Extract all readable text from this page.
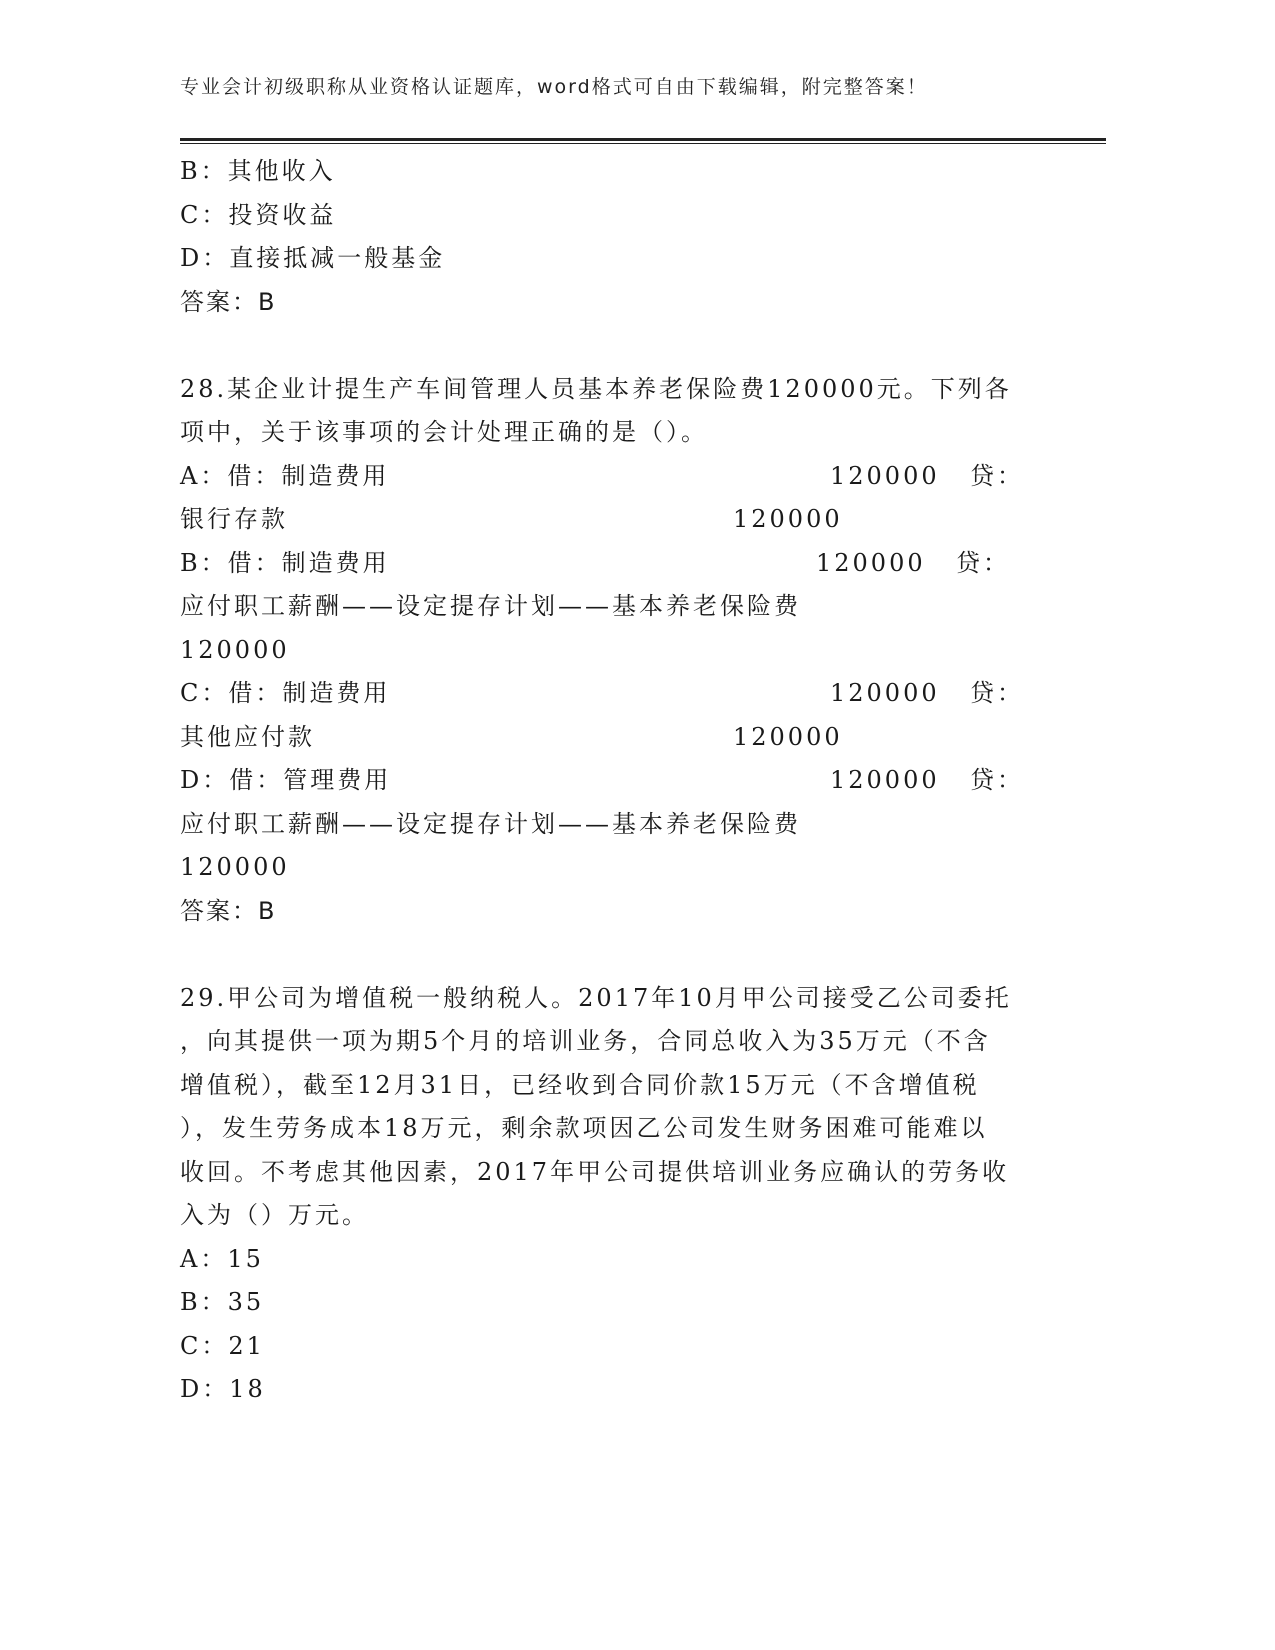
专业会计初级职称从业资格认证题库，word格式可自由下载编辑，附完整答案！
B：其他收入
C：投资收益
D：直接抵减一般基金
答案：B
28.某企业计提生产车间管理人员基本养老保险费120000元。下列各
项中，关于该事项的会计处理正确的是（）。
A：借：制造费用	120000 贷：
银行存款	120000
B：借：制造费用	120000 贷：
应付职工薪酬——设定提存计划——基本养老保险费
120000
C：借：制造费用	120000 贷：
其他应付款	120000
D：借：管理费用	120000 贷：
应付职工薪酬——设定提存计划——基本养老保险费
120000
答案：B
29.甲公司为增值税一般纳税人。2017年10月甲公司接受乙公司委托
，向其提供一项为期5个月的培训业务，合同总收入为35万元（不含
增值税），截至12月31日，已经收到合同价款15万元（不含增值税
），发生劳务成本18万元，剩余款项因乙公司发生财务困难可能难以
收回。不考虑其他因素，2017年甲公司提供培训业务应确认的劳务收
入为（）万元。
A：15
B：35
C：21
D：18
